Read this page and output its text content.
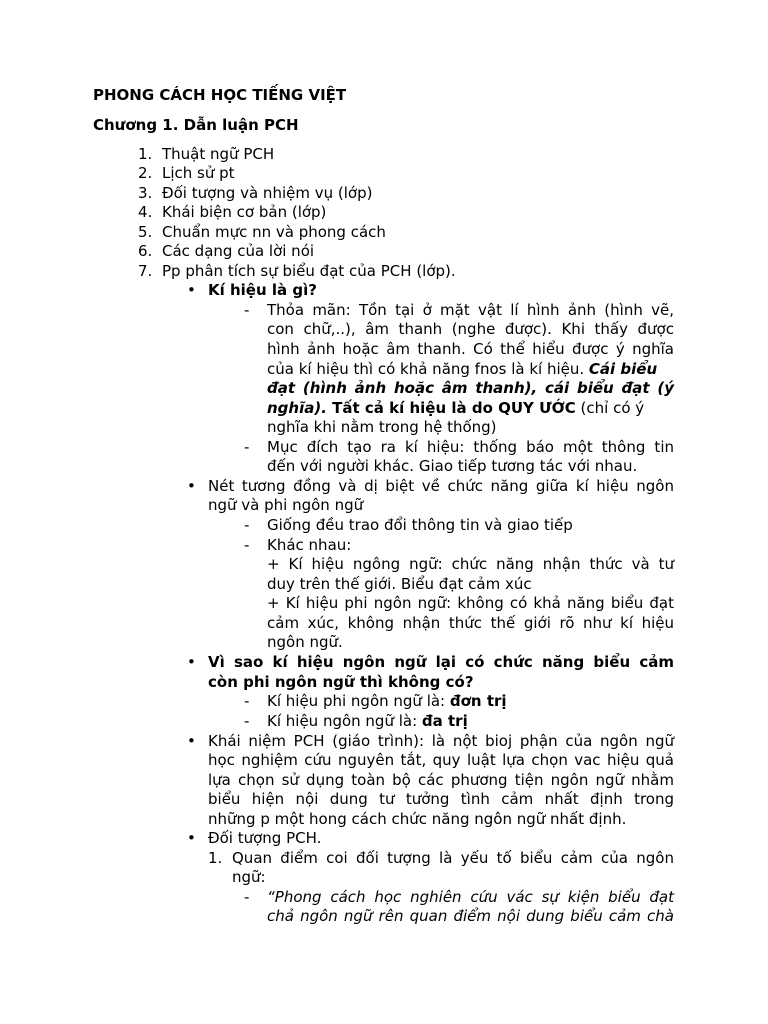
PHONG CÁCH HỌC TIẾNG VIỆT
Chương 1. Dẫn luận PCH
1. Thuật ngữ PCH
2. Lịch sử pt
3. Đối tượng và nhiệm vụ (lớp)
4. Khái biện cơ bản (lớp)
5. Chuẩn mực nn và phong cách
6. Các dạng của lời nói
7. Pp phân tích sự biểu đạt của PCH (lớp).
• Kí hiệu là gì?
- Thỏa mãn: Tồn tại ở mặt vật lí hình ảnh (hình vẽ,
con chữ,..), âm thanh (nghe được). Khi thấy được
hình ảnh hoặc âm thanh. Có thể hiểu được ý nghĩa
của kí hiệu thì có khả năng fnos là kí hiệu. Cái biểu
đạt (hình ảnh hoặc âm thanh), cái biểu đạt (ý
nghĩa). Tất cả kí hiệu là do QUY ƯỚC (chỉ có ý
nghĩa khi nằm trong hệ thống)
- Mục đích tạo ra kí hiệu: thống báo một thông tin
đến với người khác. Giao tiếp tương tác với nhau.
• Nét tương đồng và dị biệt về chức năng giữa kí hiệu ngôn
ngữ và phi ngôn ngữ
- Giống đều trao đổi thông tin và giao tiếp
- Khác nhau:
+ Kí hiệu ngông ngữ: chức năng nhận thức và tư
duy trên thế giới. Biểu đạt cảm xúc
+ Kí hiệu phi ngôn ngữ: không có khả năng biểu đạt
cảm xúc, không nhận thức thế giới rõ như kí hiệu
ngôn ngữ.
• Vì sao kí hiệu ngôn ngữ lại có chức năng biểu cảm
còn phi ngôn ngữ thì không có?
- Kí hiệu phi ngôn ngữ là: đơn trị
- Kí hiệu ngôn ngữ là: đa trị
• Khái niệm PCH (giáo trình): là nột bioj phận của ngôn ngữ
học nghiệm cứu nguyên tắt, quy luật lựa chọn vac hiệu quả
lựa chọn sử dụng toàn bộ các phương tiện ngôn ngữ nhằm
biểu hiện nội dung tư tưởng tình cảm nhất định trong
những p một hong cách chức năng ngôn ngữ nhất định.
• Đối tượng PCH.
1. Quan điểm coi đối tượng là yếu tố biểu cảm của ngôn
ngữ:
- “Phong cách học nghiên cứu vác sự kiện biểu đạt
chả ngôn ngữ rên quan điểm nội dung biểu cảm chà
